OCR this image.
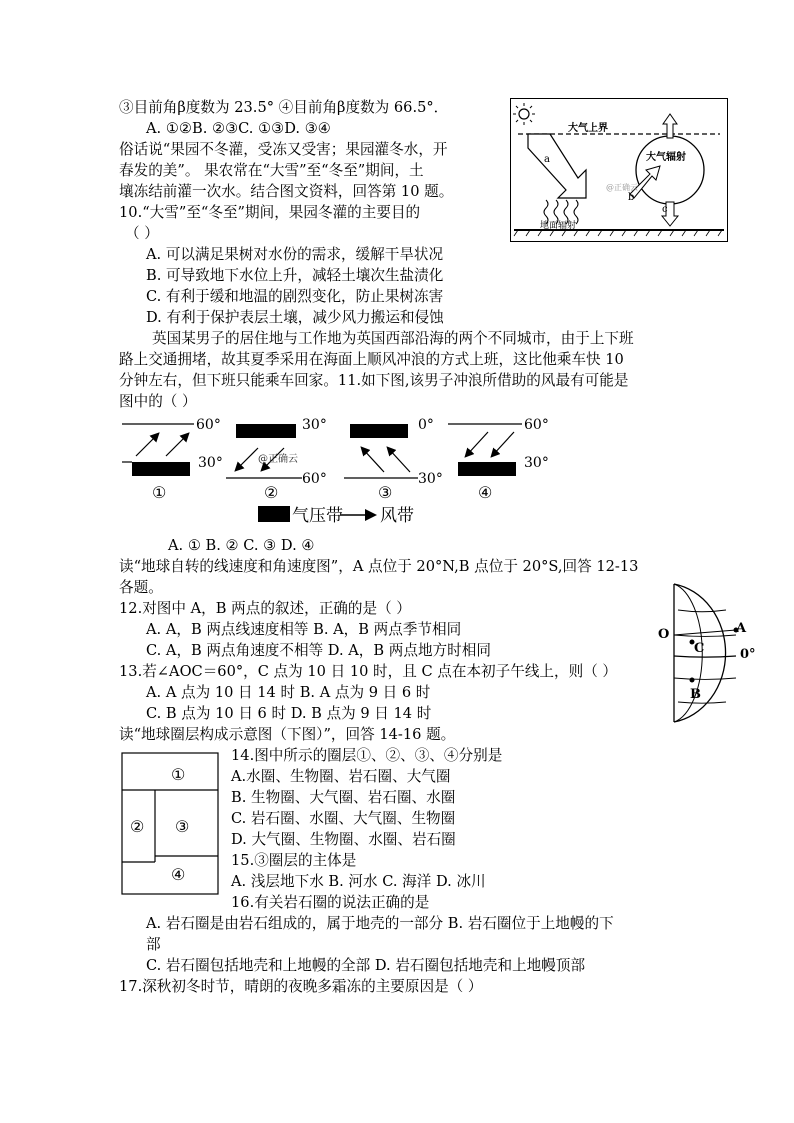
③目前角β度数为 23.5° ④目前角β度数为 66.5°．
A. ①②B. ②③C. ①③D. ③④
俗话说“果园不冬灌，受冻又受害；果园灌冬水，开
春发的美”。 果农常在“大雪”至“冬至”期间，土
壤冻结前灌一次水。结合图文资料，回答第 10 题。
10.“大雪”至“冬至”期间，果园冬灌的主要目的
（ ）
A. 可以满足果树对水份的需求，缓解干旱状况
B. 可导致地下水位上升，减轻土壤次生盐渍化
C. 有利于缓和地温的剧烈变化，防止果树冻害
D. 有利于保护表层土壤，减少风力搬运和侵蚀
英国某男子的居住地与工作地为英国西部沿海的两个不同城市，由于上下班
路上交通拥堵，故其夏季采用在海面上顺风冲浪的方式上班，这比他乘车快 10
分钟左右，但下班只能乘车回家。11.如下图,该男子冲浪所借助的风最有可能是
图中的（ ）
A. ① B. ② C. ③ D. ④
读“地球自转的线速度和角速度图”，A 点位于 20°N,B 点位于 20°S,回答 12-13
各题。
12.对图中 A，B 两点的叙述，正确的是（ ）
A. A，B 两点线速度相等 B. A，B 两点季节相同
C. A，B 两点角速度不相等 D. A，B 两点地方时相同
13.若∠AOC＝60°，C 点为 10 日 10 时，且 C 点在本初子午线上，则（ ）
A. A 点为 10 日 14 时 B. A 点为 9 日 6 时
C. B 点为 10 日 6 时 D. B 点为 9 日 14 时
读“地球圈层构成示意图（下图）”，回答 14-16 题。
14.图中所示的圈层①、②、③、④分别是
A.水圈、生物圈、岩石圈、大气圈
B. 生物圈、大气圈、岩石圈、水圈
C. 岩石圈、水圈、大气圈、生物圈
D. 大气圈、生物圈、水圈、岩石圈
15.③圈层的主体是
A. 浅层地下水 B. 河水 C. 海洋 D. 冰川
16.有关岩石圈的说法正确的是
A. 岩石圈是由岩石组成的，属于地壳的一部分 B. 岩石圈位于上地幔的下
部
C. 岩石圈包括地壳和上地幔的全部 D. 岩石圈包括地壳和上地幔顶部
17.深秋初冬时节，晴朗的夜晚多霜冻的主要原因是（ ）
大气上界
a	大气辐射
c
b
@正确云
地面辐射
60°
30°
①
30°
60°
@正确云
②
0°
30°
③
60°
30°
④
气压带 风带
O	A
C
B
0°
①
② ③
④
